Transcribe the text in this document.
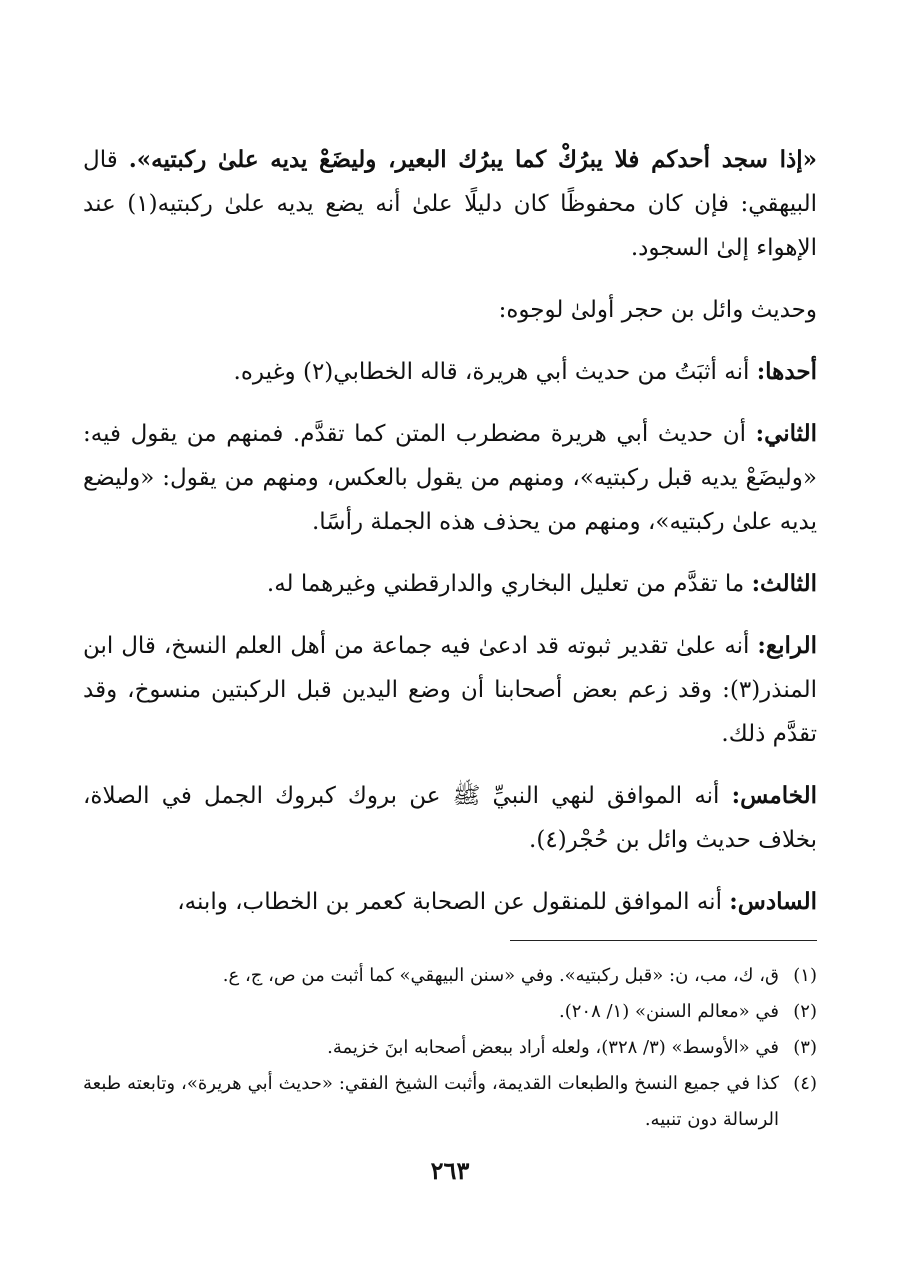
«إذا سجد أحدكم فلا يبرُكْ كما يبرُك البعير، وليضَعْ يديه علىٰ ركبتيه». قال البيهقي: فإن كان محفوظًا كان دليلًا علىٰ أنه يضع يديه علىٰ ركبتيه(١) عند الإهواء إلىٰ السجود.

وحديث وائل بن حجر أولىٰ لوجوه:

أحدها: أنه أثبَتُ من حديث أبي هريرة، قاله الخطابي(٢) وغيره.

الثاني: أن حديث أبي هريرة مضطرب المتن كما تقدَّم. فمنهم من يقول فيه: «وليضَعْ يديه قبل ركبتيه»، ومنهم من يقول بالعكس، ومنهم من يقول: «وليضع يديه علىٰ ركبتيه»، ومنهم من يحذف هذه الجملة رأسًا.

الثالث: ما تقدَّم من تعليل البخاري والدارقطني وغيرهما له.

الرابع: أنه علىٰ تقدير ثبوته قد ادعىٰ فيه جماعة من أهل العلم النسخ، قال ابن المنذر(٣): وقد زعم بعض أصحابنا أن وضع اليدين قبل الركبتين منسوخ، وقد تقدَّم ذلك.

الخامس: أنه الموافق لنهي النبيِّ ﷺ عن بروك كبروك الجمل في الصلاة، بخلاف حديث وائل بن حُجْر(٤).

السادس: أنه الموافق للمنقول عن الصحابة كعمر بن الخطاب، وابنه،

(١)
ق، ك، مب، ن: «قبل ركبتيه». وفي «سنن البيهقي» كما أثبت من ص، ج، ع.
(٢)
في «معالم السنن» (١/ ٢٠٨).
(٣)
في «الأوسط» (٣/ ٣٢٨)، ولعله أراد ببعض أصحابه ابنَ خزيمة.
(٤)
كذا في جميع النسخ والطبعات القديمة، وأثبت الشيخ الفقي: «حديث أبي هريرة»، وتابعته طبعة الرسالة دون تنبيه.
٢٦٣
